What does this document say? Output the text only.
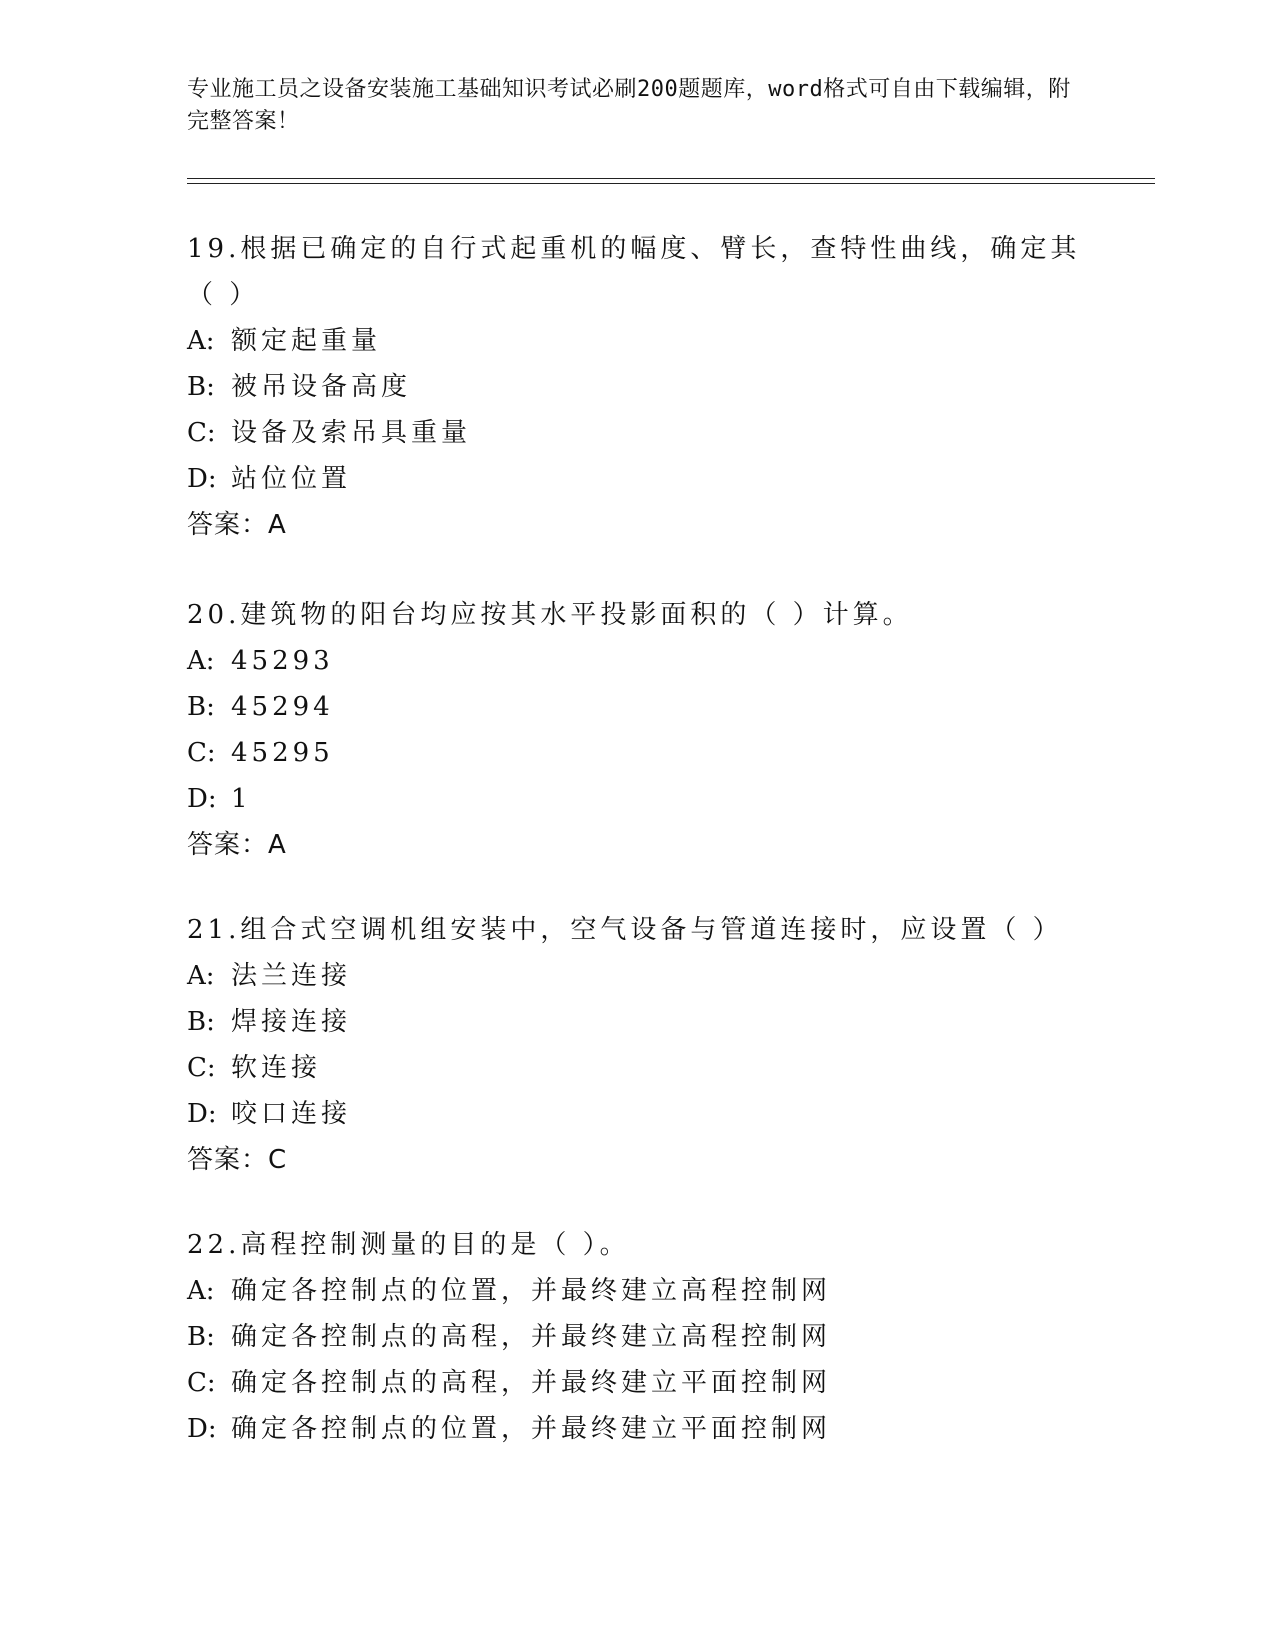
专业施工员之设备安装施工基础知识考试必刷200题题库，word格式可自由下载编辑，附完整答案！

19.根据已确定的自行式起重机的幅度、臂长，查特性曲线，确定其（ ）

A: 额定起重量

B: 被吊设备高度

C: 设备及索吊具重量

D: 站位位置

答案：A

20.建筑物的阳台均应按其水平投影面积的（ ）计算。

A: 45293

B: 45294

C: 45295

D: 1

答案：A

21.组合式空调机组安装中，空气设备与管道连接时，应设置（ ）

A: 法兰连接

B: 焊接连接

C: 软连接

D: 咬口连接

答案：C

22.高程控制测量的目的是（ ）。

A: 确定各控制点的位置，并最终建立高程控制网

B: 确定各控制点的高程，并最终建立高程控制网

C: 确定各控制点的高程，并最终建立平面控制网

D: 确定各控制点的位置，并最终建立平面控制网
